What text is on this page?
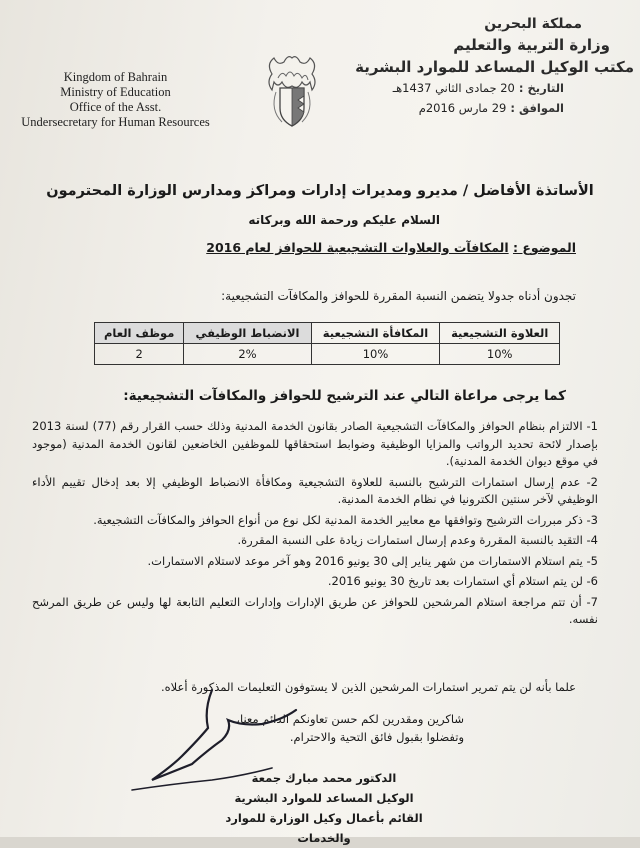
Kingdom of Bahrain
Ministry of Education
Office of the Asst.
Undersecretary for Human Resources
مملكة البحرين
وزارة التربية والتعليم
مكتب الوكيل المساعد للموارد البشرية
التاريخ : 20 جمادى الثاني 1437هـ
الموافق : 29 مارس 2016م
الأساتذة الأفاضل / مديرو ومديرات إدارات ومراكز ومدارس الوزارة المحترمون
السلام عليكم ورحمة الله وبركاته
الموضوع : المكافآت والعلاوات التشجيعية للحوافز لعام 2016
تجدون أدناه جدولا يتضمن النسبة المقررة للحوافز والمكافآت التشجيعية:
العلاوة التشجيعية	المكافأة التشجيعية	الانضباط الوظيفي	موظف العام
10%	10%	2%	2
كما يرجى مراعاة التالي عند الترشيح للحوافز والمكافآت التشجيعية:

1- الالتزام بنظام الحوافز والمكافآت التشجيعية الصادر بقانون الخدمة المدنية وذلك حسب القرار رقم (77) لسنة 2013 بإصدار لائحة تحديد الرواتب والمزايا الوظيفية وضوابط استحقاقها للموظفين الخاضعين لقانون الخدمة المدنية (موجود في موقع ديوان الخدمة المدنية).

2- عدم إرسال استمارات الترشيح بالنسبة للعلاوة التشجيعية ومكافأة الانضباط الوظيفي إلا بعد إدخال تقييم الأداء الوظيفي لآخر سنتين الكترونيا في نظام الخدمة المدنية.

3- ذكر مبررات الترشيح وتوافقها مع معايير الخدمة المدنية لكل نوع من أنواع الحوافز والمكافآت التشجيعية.

4- التقيد بالنسبة المقررة وعدم إرسال استمارات زيادة على النسبة المقررة.

5- يتم استلام الاستمارات من شهر يناير إلى 30 يونيو 2016 وهو آخر موعد لاستلام الاستمارات.

6- لن يتم استلام أي استمارات بعد تاريخ 30 يونيو 2016.

7- أن تتم مراجعة استلام المرشحين للحوافز عن طريق الإدارات وإدارات التعليم التابعة لها وليس عن طريق المرشح نفسه.

علما بأنه لن يتم تمرير استمارات المرشحين الذين لا يستوفون التعليمات المذكورة أعلاه.
شاكرين ومقدرين لكم حسن تعاونكم الدائم معنا،
وتفضلوا بقبول فائق التحية والاحترام.
الدكتور محمد مبارك جمعة
الوكيل المساعد للموارد البشرية
القائم بأعمال وكيل الوزارة للموارد والخدمات
